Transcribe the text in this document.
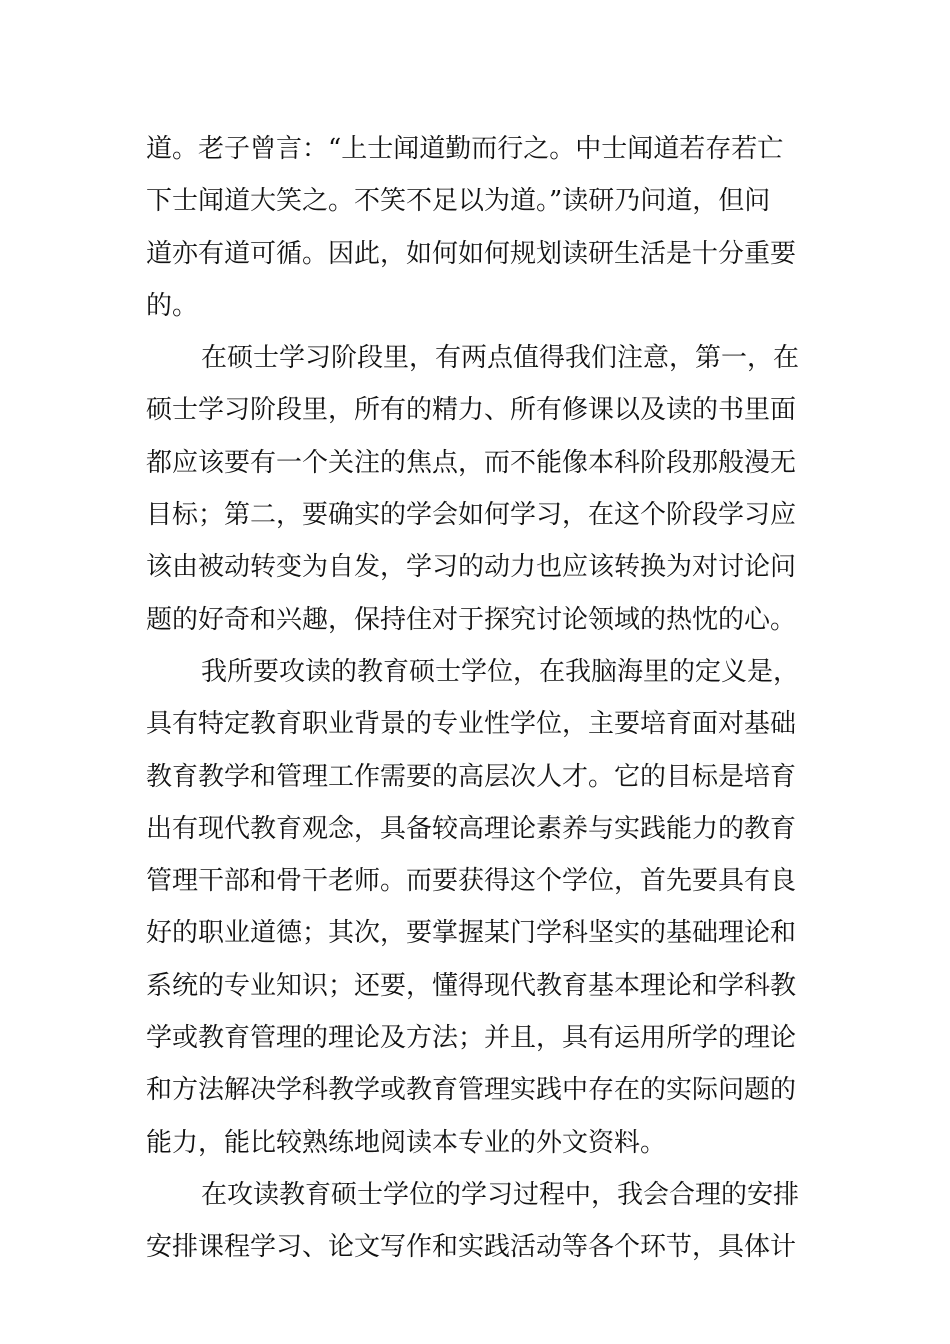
道。老子曾言：“上士闻道勤而行之。中士闻道若存若亡
下士闻道大笑之。不笑不足以为道。”读研乃问道，但问
道亦有道可循。因此，如何如何规划读研生活是十分重要
的。
在硕士学习阶段里，有两点值得我们注意，第一，在
硕士学习阶段里，所有的精力、所有修课以及读的书里面
都应该要有一个关注的焦点，而不能像本科阶段那般漫无
目标；第二，要确实的学会如何学习，在这个阶段学习应
该由被动转变为自发，学习的动力也应该转换为对讨论问
题的好奇和兴趣，保持住对于探究讨论领域的热忱的心。
我所要攻读的教育硕士学位，在我脑海里的定义是，
具有特定教育职业背景的专业性学位，主要培育面对基础
教育教学和管理工作需要的高层次人才。它的目标是培育
出有现代教育观念，具备较高理论素养与实践能力的教育
管理干部和骨干老师。而要获得这个学位，首先要具有良
好的职业道德；其次，要掌握某门学科坚实的基础理论和
系统的专业知识；还要，懂得现代教育基本理论和学科教
学或教育管理的理论及方法；并且，具有运用所学的理论
和方法解决学科教学或教育管理实践中存在的实际问题的
能力，能比较熟练地阅读本专业的外文资料。
在攻读教育硕士学位的学习过程中，我会合理的安排
安排课程学习、论文写作和实践活动等各个环节，具体计
